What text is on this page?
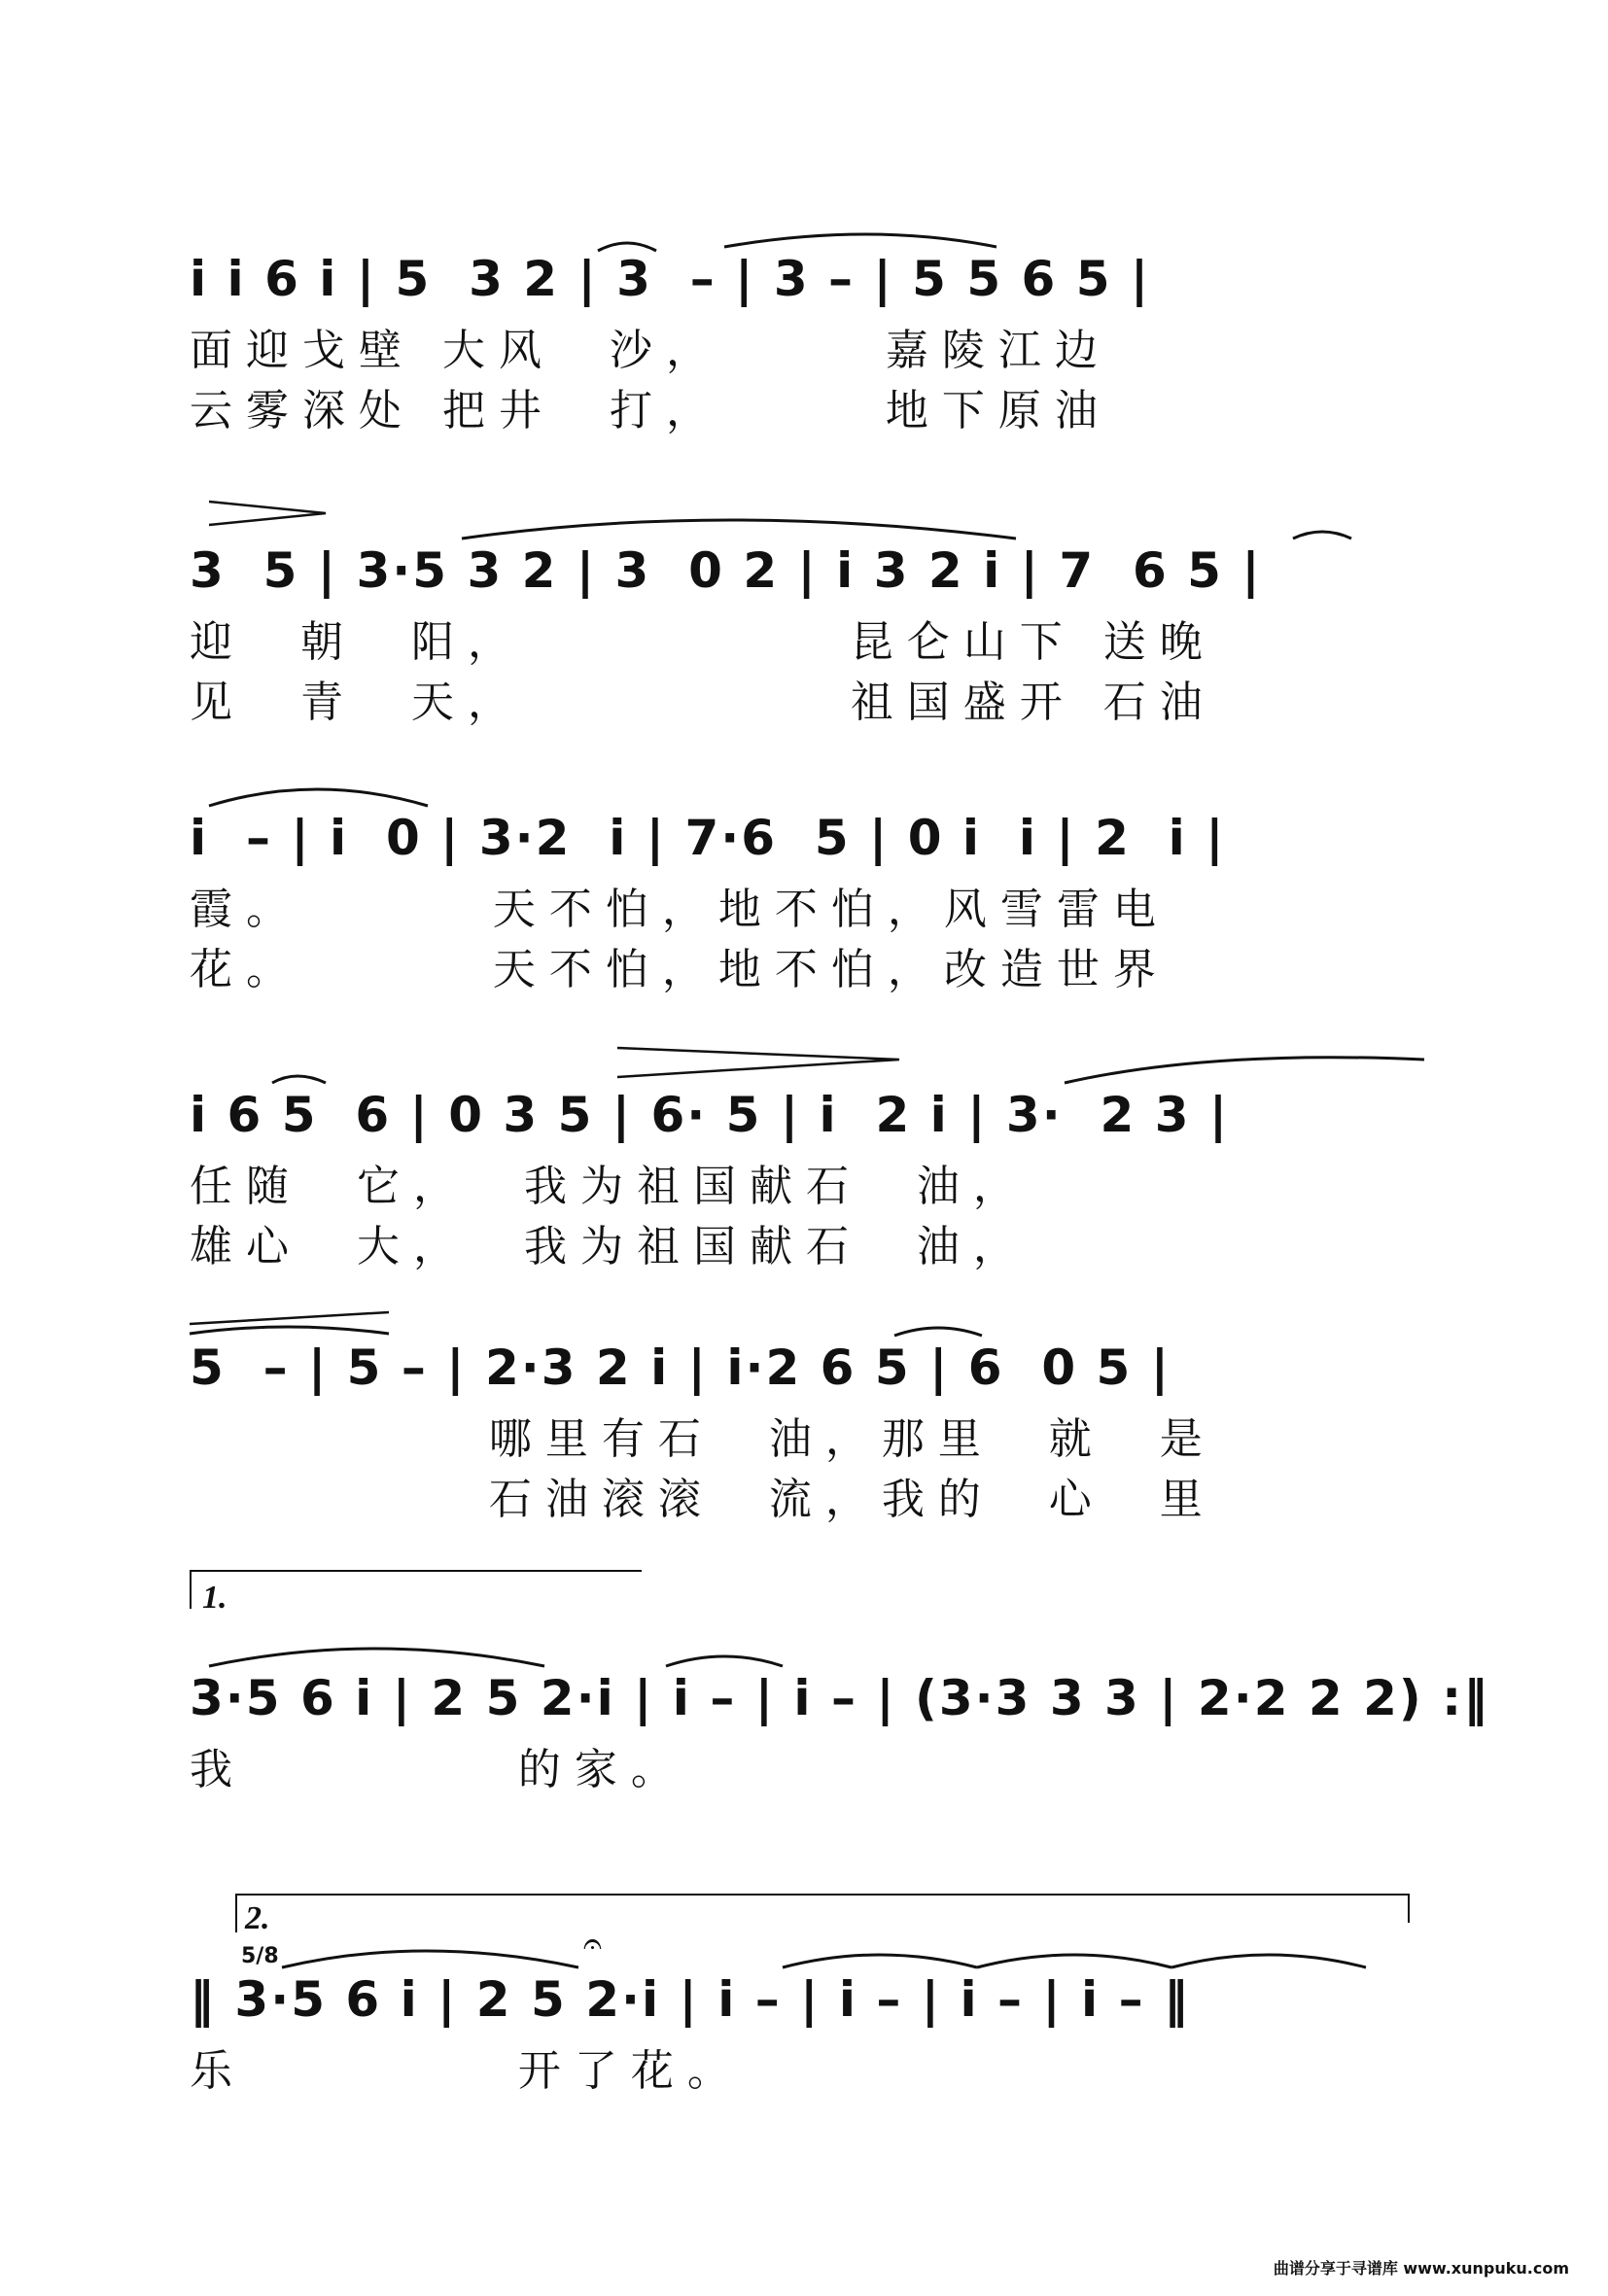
i i 6 i | 5  3 2 | 3  – | 3 – | 5 5 6 5 |
面迎戈壁 大风  沙，      嘉陵江边
云雾深处 把井  打，      地下原油
3  5 | 3·5 3 2 | 3  0 2 | i 3 2 i | 7  6 5 |
迎  朝  阳，            昆仑山下 送晚
见  青  天，            祖国盛开 石油
i  – | i  0 | 3·2  i | 7·6  5 | 0 i  i | 2  i |
霞。       天不怕，地不怕，风雪雷电
花。       天不怕，地不怕，改造世界
i 6 5  6 | 0 3 5 | 6· 5 | i  2 i | 3·  2 3 |
任随  它，  我为祖国献石  油，
雄心  大，  我为祖国献石  油，
5  – | 5 – | 2·3 2 i | i·2 6 5 | 6  0 5 |
哪里有石  油，那里  就  是
石油滚滚  流，我的  心  里
1.
3·5 6 i | 2 5 2·i | i – | i – | (3·3 3 3 | 2·2 2 2) :‖
我          的家。
2.
5/8	𝄐
‖ 3·5 6 i | 2 5 2·i | i – | i – | i – | i – ‖
乐          开了花。
曲谱分享于寻谱库 www.xunpuku.com
